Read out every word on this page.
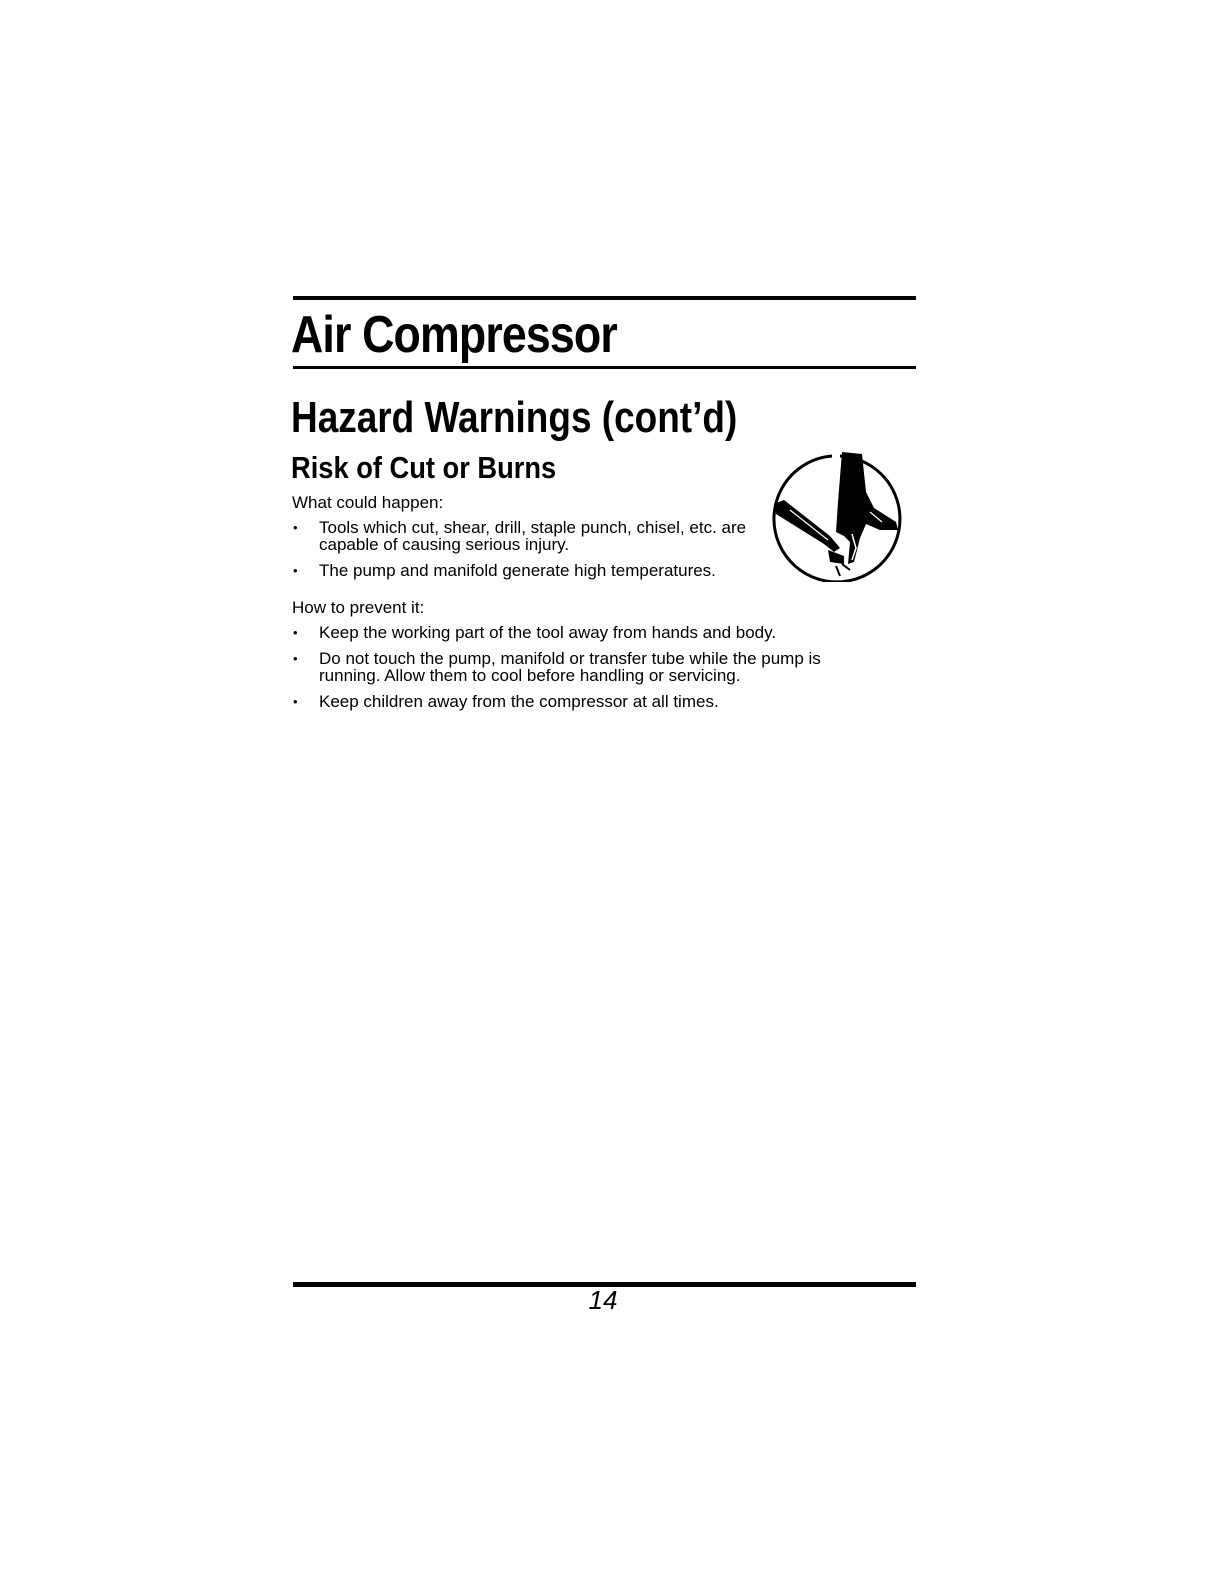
Air Compressor
Hazard Warnings (cont’d)
Risk of Cut or Burns

What could happen:

• Tools which cut, shear, drill, staple punch, chisel, etc. are capable of causing serious injury.
• The pump and manifold generate high temperatures.

How to prevent it:

• Keep the working part of the tool away from hands and body.
• Do not touch the pump, manifold or transfer tube while the pump is running. Allow them to cool before handling or servicing.
• Keep children away from the compressor at all times.
14
